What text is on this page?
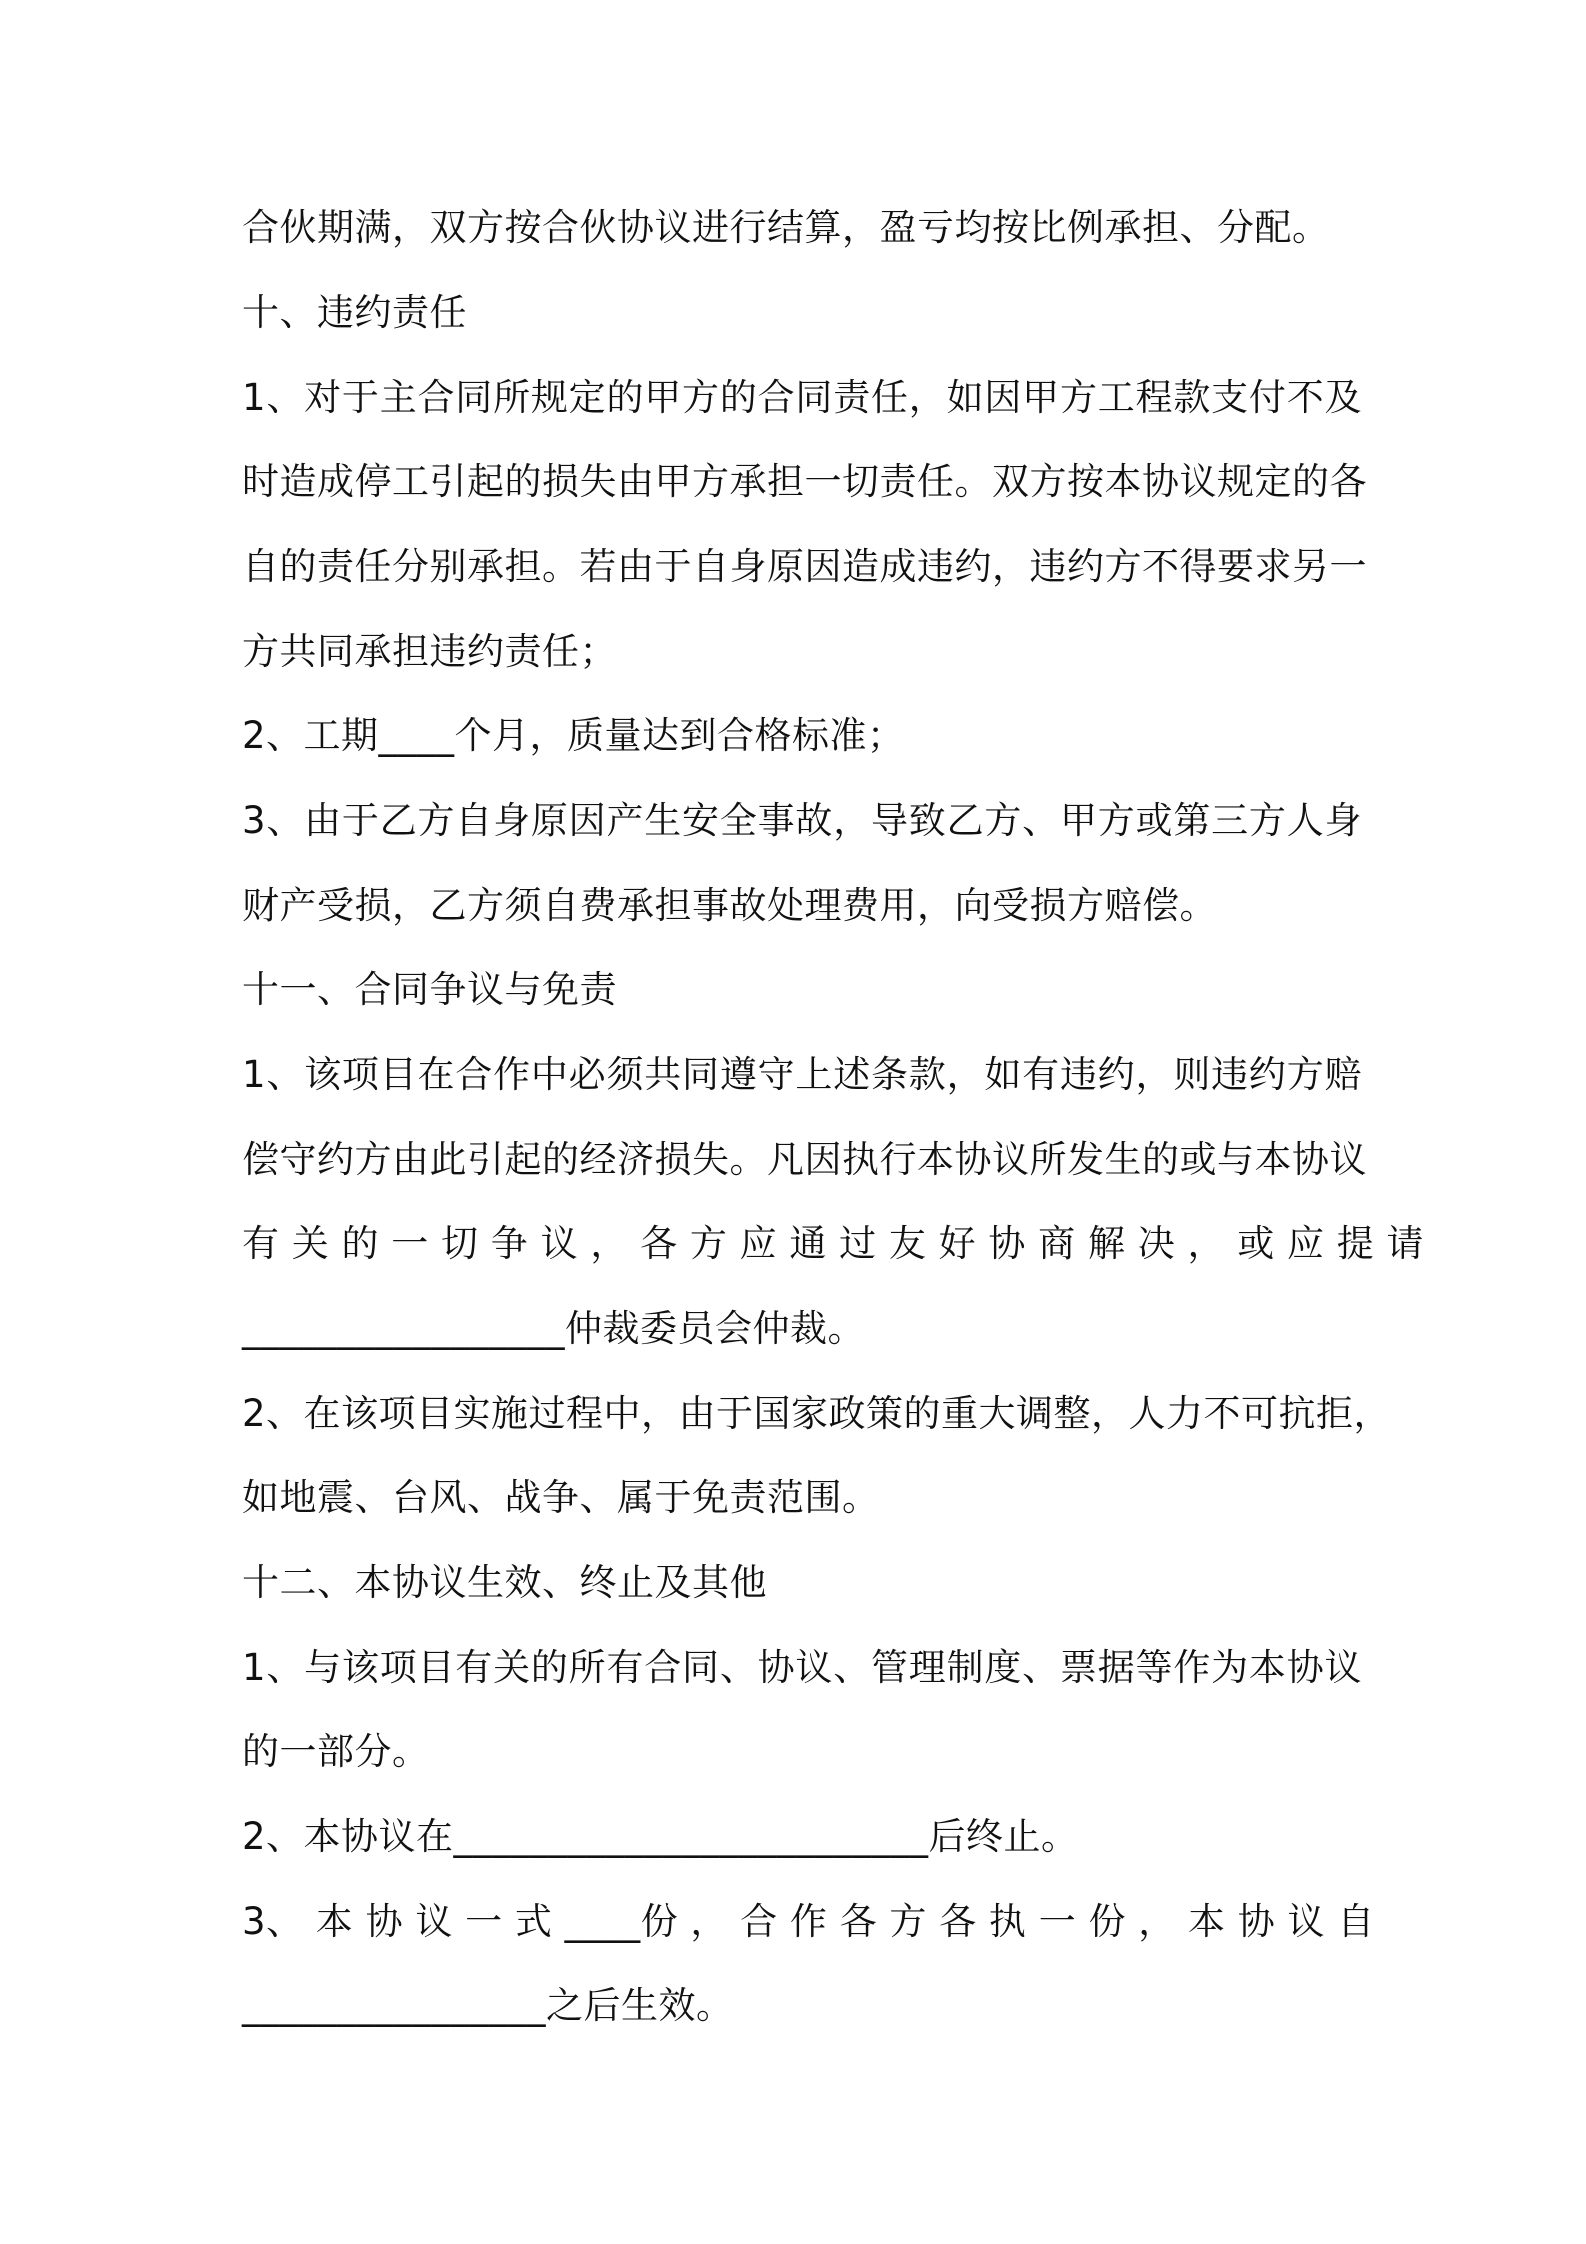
合伙期满，双方按合伙协议进行结算，盈亏均按比例承担、分配。
十、违约责任
1、对于主合同所规定的甲方的合同责任，如因甲方工程款支付不及
时造成停工引起的损失由甲方承担一切责任。双方按本协议规定的各
自的责任分别承担。若由于自身原因造成违约，违约方不得要求另一
方共同承担违约责任；
2、工期____个月，质量达到合格标准；
3、由于乙方自身原因产生安全事故，导致乙方、甲方或第三方人身
财产受损，乙方须自费承担事故处理费用，向受损方赔偿。
十一、合同争议与免责
1、该项目在合作中必须共同遵守上述条款，如有违约，则违约方赔
偿守约方由此引起的经济损失。凡因执行本协议所发生的或与本协议
有 关 的 一 切 争 议 ， 各 方 应 通 过 友 好 协 商 解 决 ， 或 应 提 请
_________________仲裁委员会仲裁。
2、在该项目实施过程中，由于国家政策的重大调整，人力不可抗拒，
如地震、台风、战争、属于免责范围。
十二、本协议生效、终止及其他
1、与该项目有关的所有合同、协议、管理制度、票据等作为本协议
的一部分。
2、本协议在_________________________后终止。
3、 本 协 议 一 式 ____份 ， 合 作 各 方 各 执 一 份 ， 本 协 议 自
________________之后生效。
